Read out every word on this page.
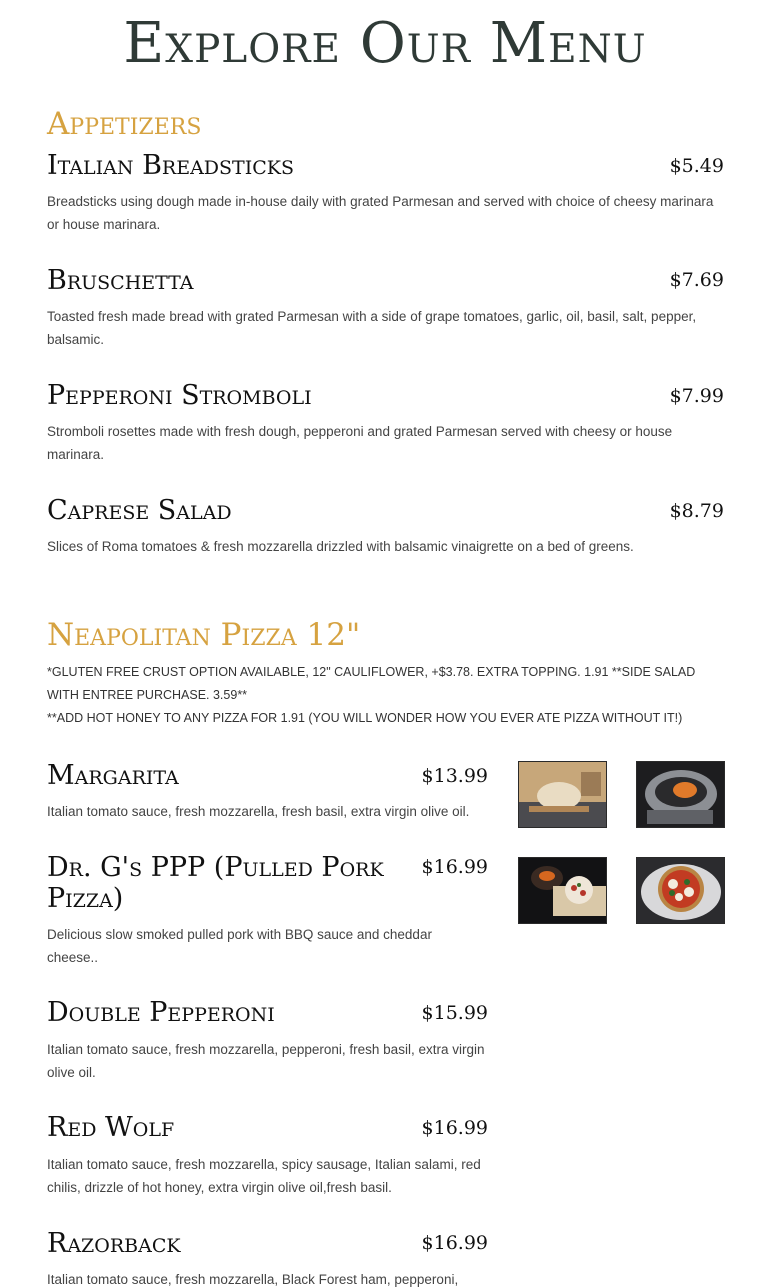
Explore Our Menu
Appetizers
Italian Breadsticks	$5.49
Breadsticks using dough made in-house daily with grated Parmesan and served with choice of cheesy marinara or house marinara.
Bruschetta	$7.69
Toasted fresh made bread with grated Parmesan with a side of grape tomatoes, garlic, oil, basil, salt, pepper, balsamic.
Pepperoni Stromboli	$7.99
Stromboli rosettes made with fresh dough, pepperoni and grated Parmesan served with cheesy or house marinara.
Caprese Salad	$8.79
Slices of Roma tomatoes & fresh mozzarella drizzled with balsamic vinaigrette on a bed of greens.
Neapolitan Pizza 12"
*GLUTEN FREE CRUST OPTION AVAILABLE, 12" CAULIFLOWER, +$3.78. EXTRA TOPPING. 1.91 **SIDE SALAD WITH ENTREE PURCHASE. 3.59**
**ADD HOT HONEY TO ANY PIZZA FOR 1.91 (YOU WILL WONDER HOW YOU EVER ATE PIZZA WITHOUT IT!)
Margarita	$13.99
Italian tomato sauce, fresh mozzarella, fresh basil, extra virgin olive oil.
Dr. G's PPP (Pulled Pork Pizza)
$16.99
Delicious slow smoked pulled pork with BBQ sauce and cheddar cheese..
Double Pepperoni	$15.99
Italian tomato sauce, fresh mozzarella, pepperoni, fresh basil, extra virgin olive oil.
Red Wolf	$16.99
Italian tomato sauce, fresh mozzarella, spicy sausage, Italian salami, red chilis, drizzle of hot honey, extra virgin olive oil,fresh basil.
Razorback	$16.99
Italian tomato sauce, fresh mozzarella, Black Forest ham, pepperoni,
